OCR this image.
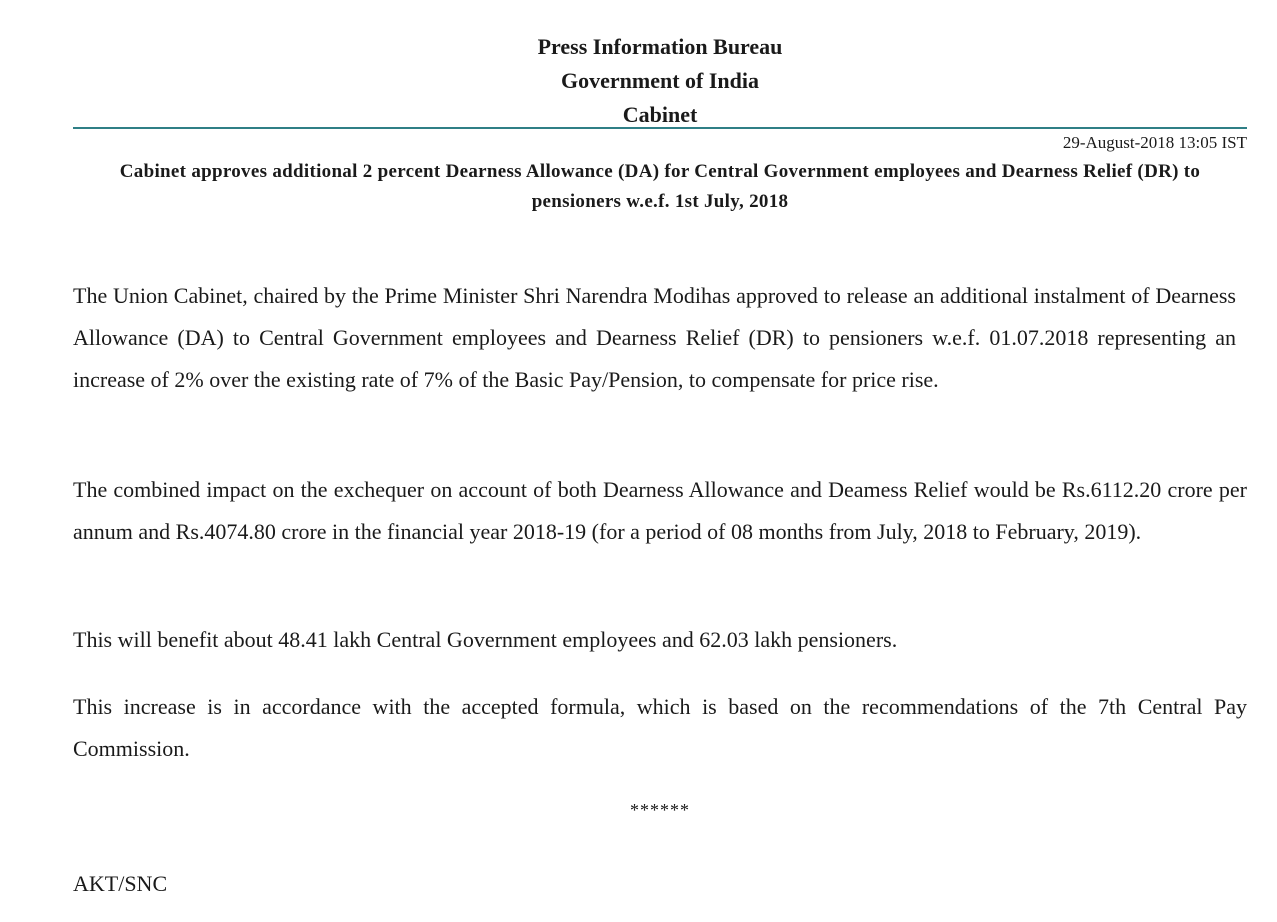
Press Information Bureau
Government of India
Cabinet
29-August-2018 13:05 IST
Cabinet approves additional 2 percent Dearness Allowance (DA) for Central Government employees and Dearness Relief (DR) to pensioners w.e.f. 1st July, 2018

The Union Cabinet, chaired by the Prime Minister Shri Narendra Modihas approved to release an additional instalment of Dearness Allowance (DA) to Central Government employees and Dearness Relief (DR) to pensioners w.e.f. 01.07.2018 representing an increase of 2% over the existing rate of 7% of the Basic Pay/Pension, to compensate for price rise.

The combined impact on the exchequer on account of both Dearness Allowance and Deamess Relief would be Rs.6112.20 crore per annum and Rs.4074.80 crore in the financial year 2018-19 (for a period of 08 months from July, 2018 to February, 2019).

This will benefit about 48.41 lakh Central Government employees and 62.03 lakh pensioners.

This increase is in accordance with the accepted formula, which is based on the recommendations of the 7th Central Pay Commission.

******
AKT/SNC
